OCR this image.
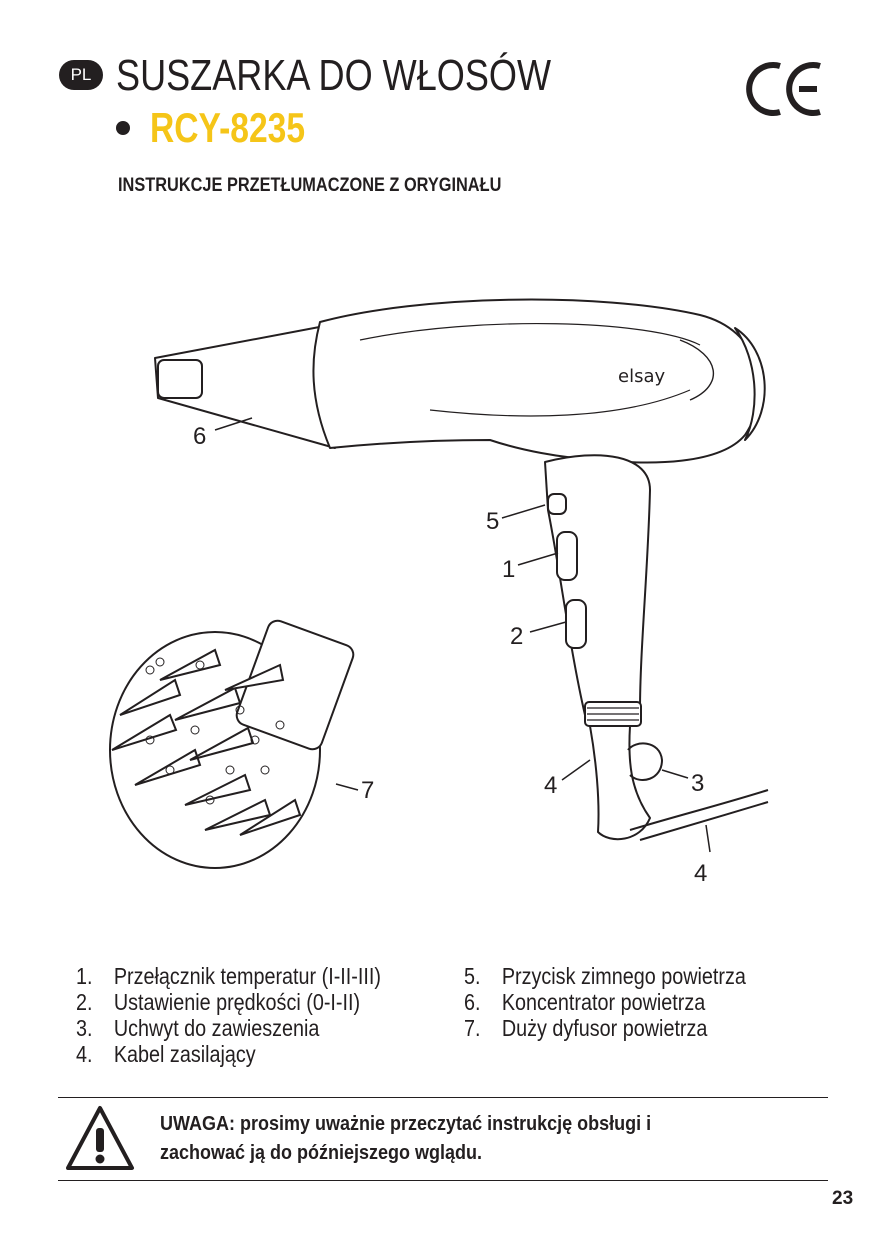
PL SUSZARKA DO WŁOSÓW
RCY-8235
INSTRUKCJE PRZETŁUMACZONE Z ORYGINAŁU
elsay
6
5
1
2
7	4	3
4
1. Przełącznik temperatur (I-II-III)
2. Ustawienie prędkości (0-I-II)
3. Uchwyt do zawieszenia
4. Kabel zasilający
5. Przycisk zimnego powietrza
6. Koncentrator powietrza
7. Duży dyfusor powietrza
UWAGA: prosimy uważnie przeczytać instrukcję obsługi i
zachować ją do późniejszego wglądu.
23
